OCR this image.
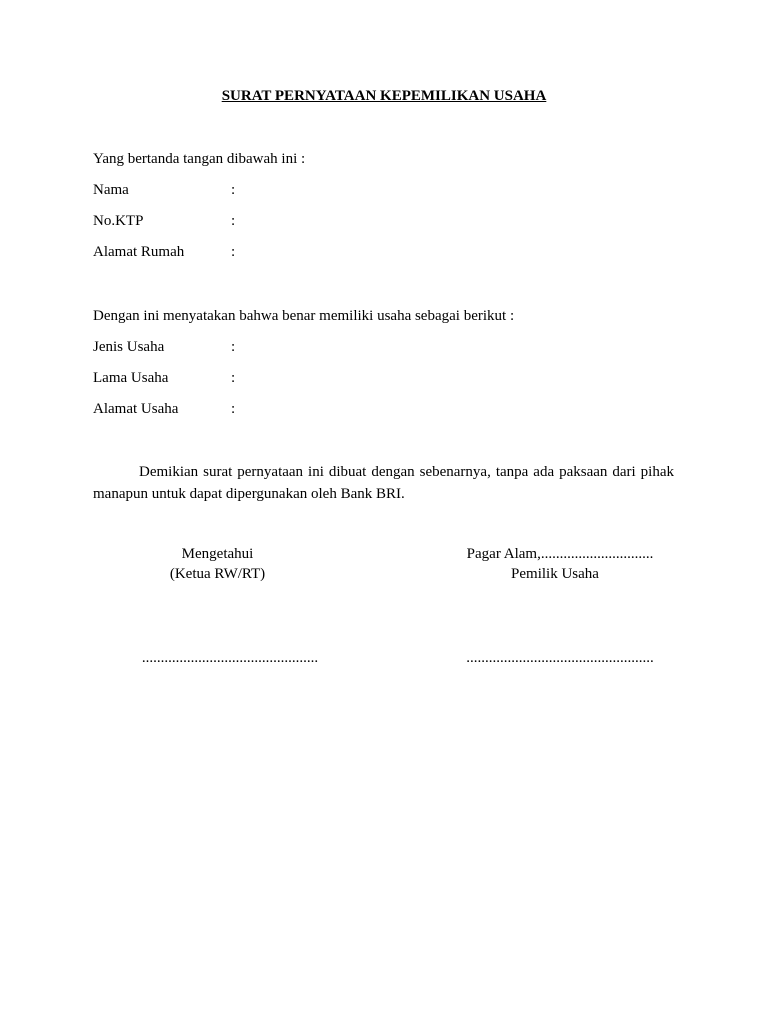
SURAT PERNYATAAN KEPEMILIKAN USAHA
Yang bertanda tangan dibawah ini :
Nama	:
No.KTP	:
Alamat Rumah	:
Dengan ini menyatakan bahwa benar memiliki usaha sebagai berikut :
Jenis Usaha	:
Lama Usaha	:
Alamat Usaha	:
Demikian surat pernyataan ini dibuat dengan sebenarnya, tanpa ada paksaan dari pihak manapun untuk dapat dipergunakan oleh Bank BRI.
Mengetahui
(Ketua RW/RT)
...............................................
Pagar Alam,..............................
Pemilik Usaha
..................................................
